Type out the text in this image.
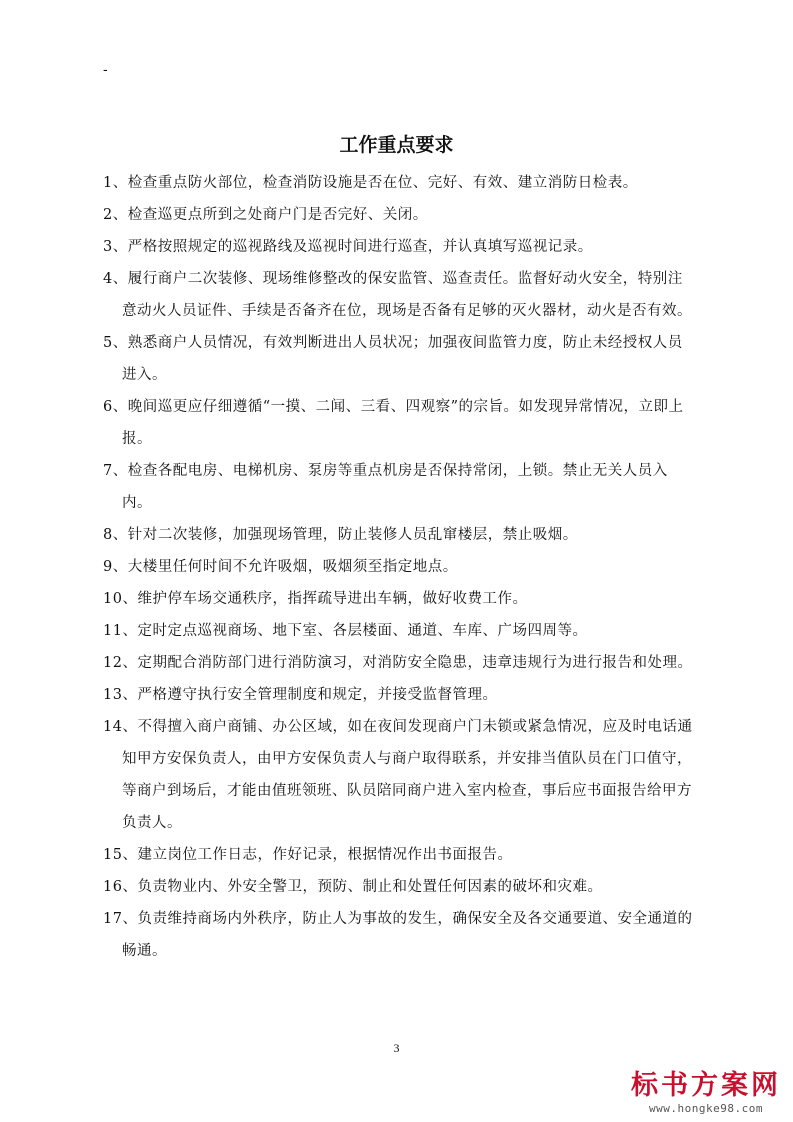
-
工作重点要求
1、检查重点防火部位，检查消防设施是否在位、完好、有效、建立消防日检表。
2、检查巡更点所到之处商户门是否完好、关闭。
3、严格按照规定的巡视路线及巡视时间进行巡查，并认真填写巡视记录。
4、履行商户二次装修、现场维修整改的保安监管、巡查责任。监督好动火安全，特别注意动火人员证件、手续是否备齐在位，现场是否备有足够的灭火器材，动火是否有效。
5、熟悉商户人员情况，有效判断进出人员状况；加强夜间监管力度，防止未经授权人员进入。
6、晚间巡更应仔细遵循“一摸、二闻、三看、四观察”的宗旨。如发现异常情况，立即上报。
7、检查各配电房、电梯机房、泵房等重点机房是否保持常闭，上锁。禁止无关人员入内。
8、针对二次装修，加强现场管理，防止装修人员乱窜楼层，禁止吸烟。
9、大楼里任何时间不允许吸烟，吸烟须至指定地点。
10、维护停车场交通秩序，指挥疏导进出车辆，做好收费工作。
11、定时定点巡视商场、地下室、各层楼面、通道、车库、广场四周等。
12、定期配合消防部门进行消防演习，对消防安全隐患，违章违规行为进行报告和处理。
13、严格遵守执行安全管理制度和规定，并接受监督管理。
14、不得擅入商户商铺、办公区域，如在夜间发现商户门未锁或紧急情况，应及时电话通知甲方安保负责人，由甲方安保负责人与商户取得联系，并安排当值队员在门口值守，等商户到场后，才能由值班领班、队员陪同商户进入室内检查，事后应书面报告给甲方负责人。
15、建立岗位工作日志，作好记录，根据情况作出书面报告。
16、负责物业内、外安全警卫，预防、制止和处置任何因素的破坏和灾难。
17、负责维持商场内外秩序，防止人为事故的发生，确保安全及各交通要道、安全通道的畅通。
3
标书方案网
www.hongke98.com
